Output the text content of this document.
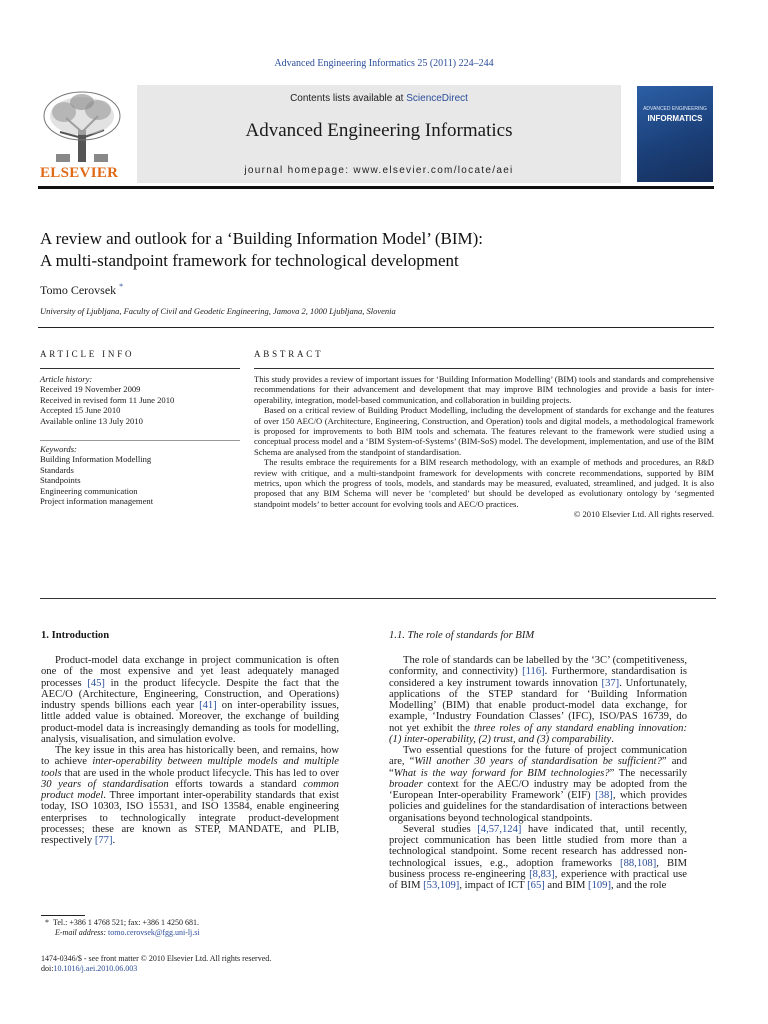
Advanced Engineering Informatics 25 (2011) 224–244
ELSEVIER
Contents lists available at ScienceDirect
Advanced Engineering Informatics
journal homepage: www.elsevier.com/locate/aei
ADVANCED ENGINEERING
INFORMATICS
A review and outlook for a ‘Building Information Model’ (BIM):
A multi-standpoint framework for technological development
Tomo Cerovsek *
University of Ljubljana, Faculty of Civil and Geodetic Engineering, Jamova 2, 1000 Ljubljana, Slovenia
ARTICLE INFO
Article history:
Received 19 November 2009
Received in revised form 11 June 2010
Accepted 15 June 2010
Available online 13 July 2010
Keywords:
Building Information Modelling
Standards
Standpoints
Engineering communication
Project information management
ABSTRACT

This study provides a review of important issues for ‘Building Information Modelling’ (BIM) tools and standards and comprehensive recommendations for their advancement and development that may improve BIM technologies and provide a basis for inter-operability, integration, model-based communication, and collaboration in building projects.

Based on a critical review of Building Product Modelling, including the development of standards for exchange and the features of over 150 AEC/O (Architecture, Engineering, Construction, and Operation) tools and digital models, a methodological framework is proposed for improvements to both BIM tools and schemata. The features relevant to the framework were studied using a conceptual process model and a ‘BIM System-of-Systems’ (BIM-SoS) model. The development, implementation, and use of the BIM Schema are analysed from the standpoint of standardisation.

The results embrace the requirements for a BIM research methodology, with an example of methods and procedures, an R&D review with critique, and a multi-standpoint framework for developments with concrete recommendations, supported by BIM metrics, upon which the progress of tools, models, and standards may be measured, evaluated, streamlined, and judged. It is also proposed that any BIM Schema will never be ‘completed’ but should be developed as evolutionary ontology by ‘segmented standpoint models’ to better account for evolving tools and AEC/O practices.

© 2010 Elsevier Ltd. All rights reserved.
1. Introduction

Product-model data exchange in project communication is often one of the most expensive and yet least adequately managed processes [45] in the product lifecycle. Despite the fact that the AEC/O (Architecture, Engineering, Construction, and Operations) industry spends billions each year [41] on inter-operability issues, little added value is obtained. Moreover, the exchange of building product-model data is increasingly demanding as tools for modelling, analysis, visualisation, and simulation evolve.

The key issue in this area has historically been, and remains, how to achieve inter-operability between multiple models and multiple tools that are used in the whole product lifecycle. This has led to over 30 years of standardisation efforts towards a standard common product model. Three important inter-operability standards that exist today, ISO 10303, ISO 15531, and ISO 13584, enable engineering enterprises to technologically integrate product-development processes; these are known as STEP, MANDATE, and PLIB, respectively [77].

1.1. The role of standards for BIM

The role of standards can be labelled by the ‘3C’ (competitiveness, conformity, and connectivity) [116]. Furthermore, standardisation is considered a key instrument towards innovation [37]. Unfortunately, applications of the STEP standard for ‘Building Information Modelling’ (BIM) that enable product-model data exchange, for example, ‘Industry Foundation Classes’ (IFC), ISO/PAS 16739, do not yet exhibit the three roles of any standard enabling innovation: (1) inter-operability, (2) trust, and (3) comparability.

Two essential questions for the future of project communication are, “Will another 30 years of standardisation be sufficient?” and “What is the way forward for BIM technologies?” The necessarily broader context for the AEC/O industry may be adopted from the ‘European Inter-operability Framework’ (EIF) [38], which provides policies and guidelines for the standardisation of interactions between organisations beyond technological standpoints.

Several studies [4,57,124] have indicated that, until recently, project communication has been little studied from more than a technological standpoint. Some recent research has addressed non-technological issues, e.g., adoption frameworks [88,108], BIM business process re-engineering [8,83], experience with practical use of BIM [53,109], impact of ICT [65] and BIM [109], and the role

* Tel.: +386 1 4768 521; fax: +386 1 4250 681.
E-mail address: tomo.cerovsek@fgg.uni-lj.si
1474-0346/$ - see front matter © 2010 Elsevier Ltd. All rights reserved.
doi:10.1016/j.aei.2010.06.003
